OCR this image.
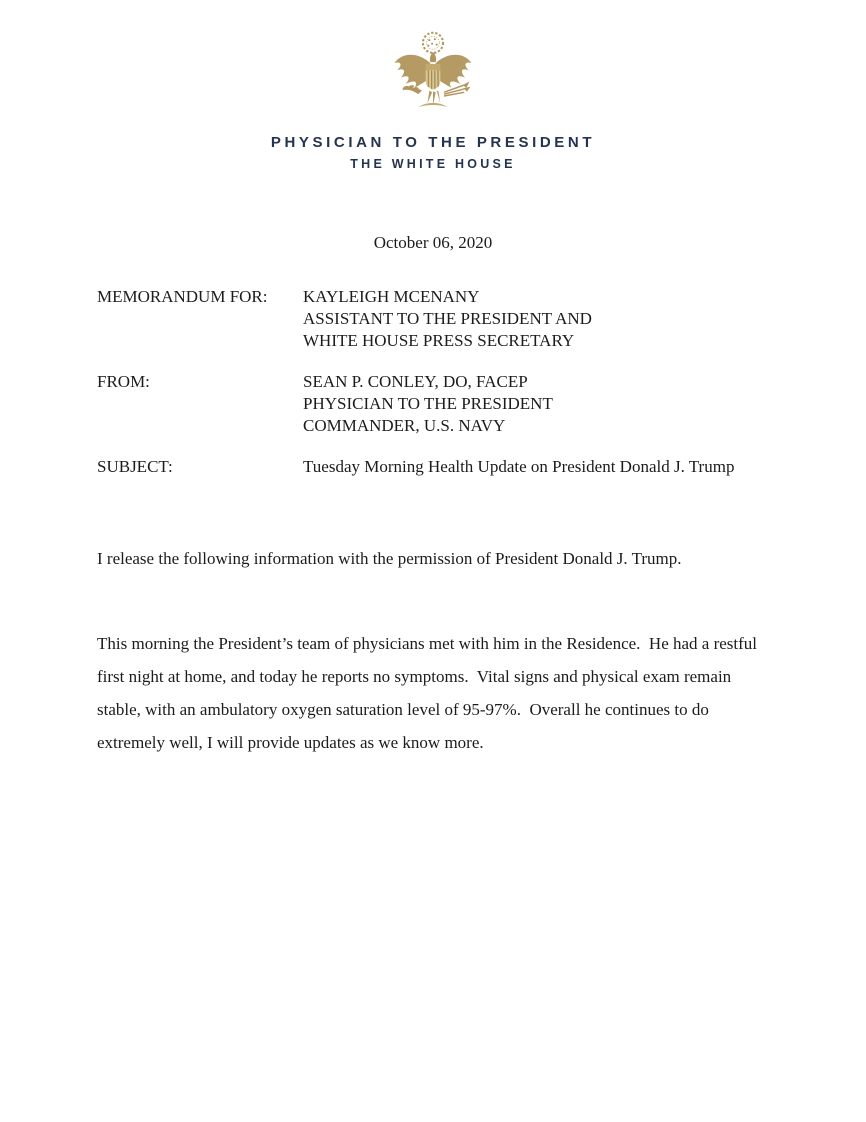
PHYSICIAN TO THE PRESIDENT
THE WHITE HOUSE
October 06, 2020
MEMORANDUM FOR:	KAYLEIGH MCENANY
ASSISTANT TO THE PRESIDENT AND
WHITE HOUSE PRESS SECRETARY
FROM:	SEAN P. CONLEY, DO, FACEP
PHYSICIAN TO THE PRESIDENT
COMMANDER, U.S. NAVY
SUBJECT:	Tuesday Morning Health Update on President Donald J. Trump
I release the following information with the permission of President Donald J. Trump.
This morning the President’s team of physicians met with him in the Residence.  He had a restful first night at home, and today he reports no symptoms.  Vital signs and physical exam remain stable, with an ambulatory oxygen saturation level of 95-97%.  Overall he continues to do extremely well, I will provide updates as we know more.
